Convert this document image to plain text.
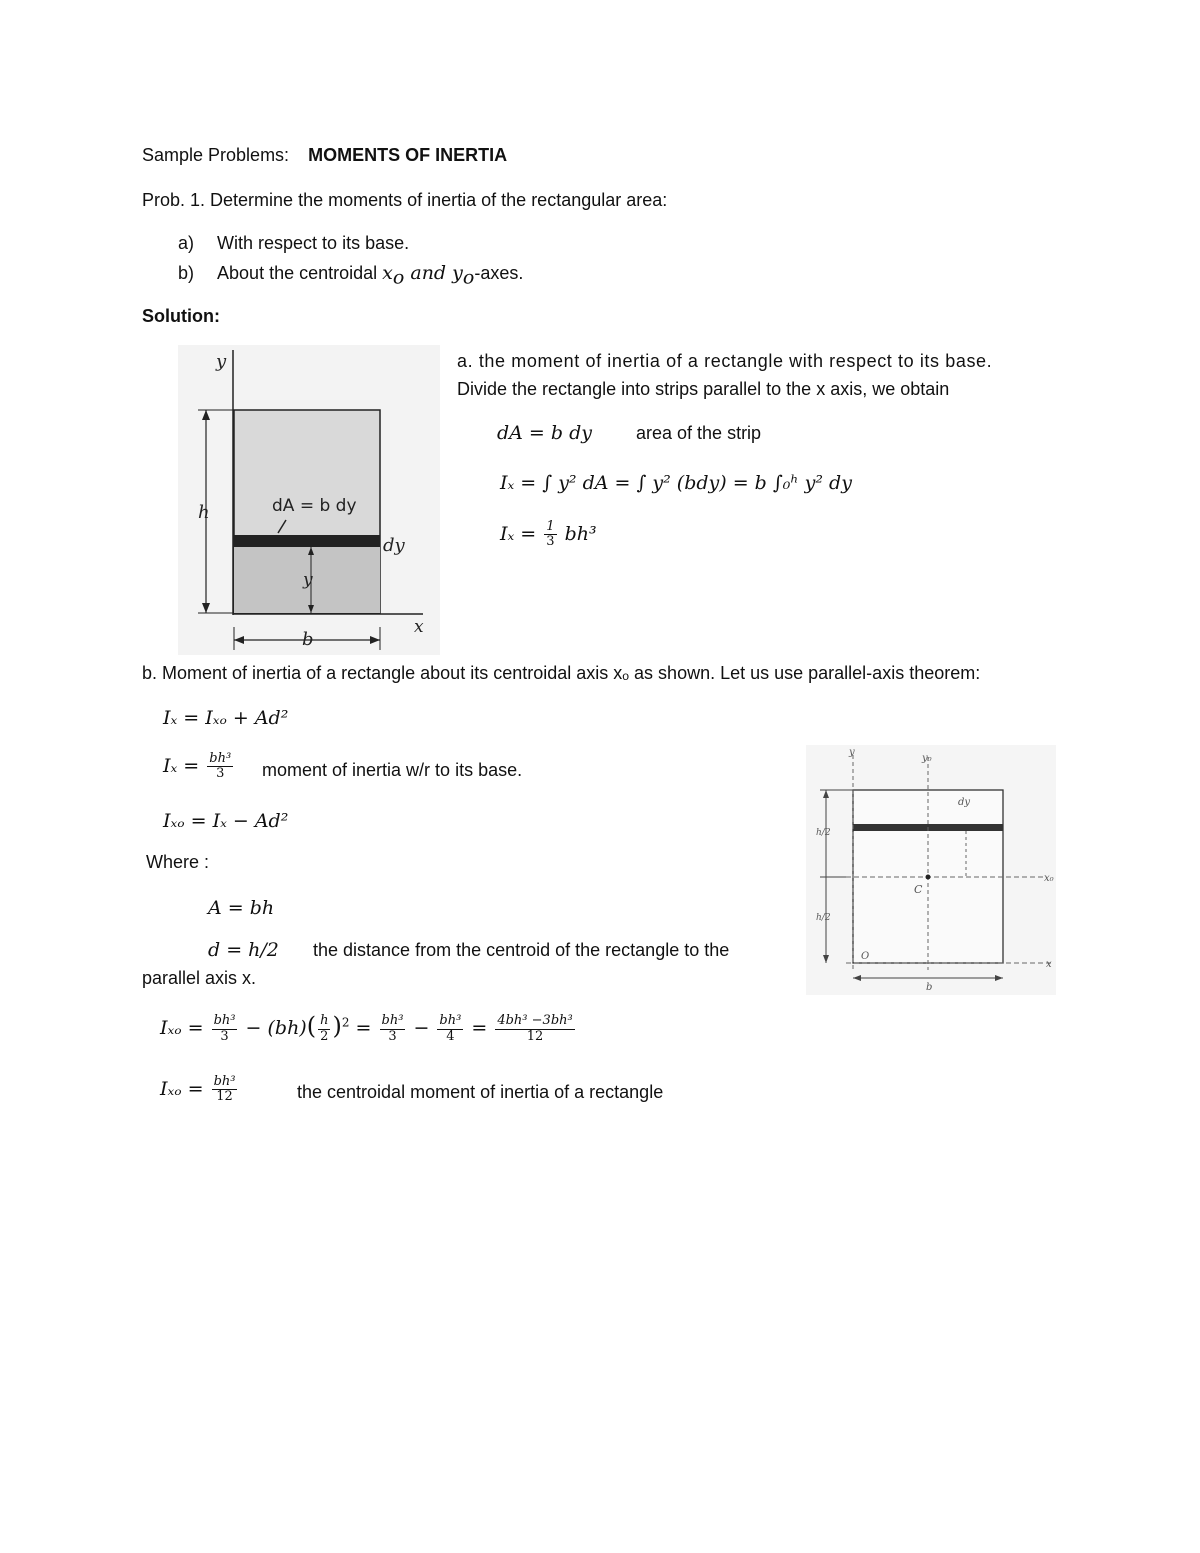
Sample Problems: MOMENTS OF INERTIA
Prob. 1. Determine the moments of inertia of the rectangular area:
a) With respect to its base.
b) About the centroidal $x_o$ and $y_o$-axes.
Solution:
y
x
h
b
dy
y
dA = b dy
a. the moment of inertia of a rectangle with respect to its base.
Divide the rectangle into strips parallel to the x axis, we obtain
dA = b dy area of the strip
Iₓ = ∫ y² dA = ∫ y² (bdy) = b ∫₀ʰ y² dy
$I_x = \frac{1}{3} bh^3$
b. Moment of inertia of a rectangle about its centroidal axis xₒ as shown. Let us use parallel-axis theorem:
Iₓ = Iₓₒ + Ad²
$I_x = \frac{\text{bh³}}{3}$ moment of inertia w/r to its base.
Iₓₒ = Iₓ − Ad²
Where :
A = bh
d = h/2 the distance from the centroid of the rectangle to the
parallel axis x.
$I_{xo} = \frac{\text{bh³}}{3} - (bh)( \frac{h}{2} )^2 = \frac{\text{bh³}}{3} - \frac{\text{bh³}}{4} = \frac{\text{4bh³ −3bh³}}{12}$
$I_{xo} = \frac{\text{bh³}}{12}$	the centroidal moment of inertia of a rectangle
y
y₀
x₀
x
dy
C
O
b
h/2
h/2
